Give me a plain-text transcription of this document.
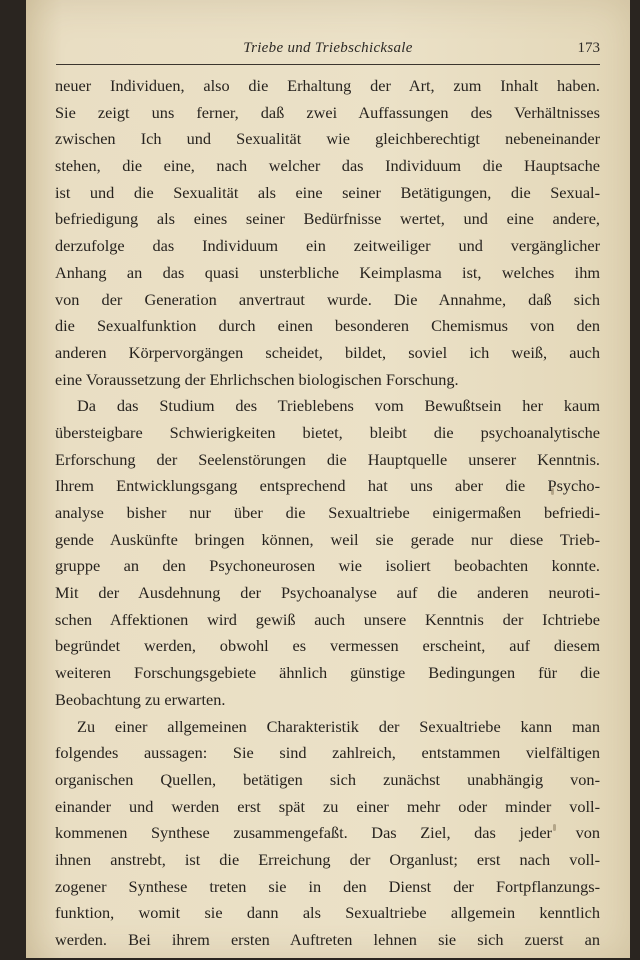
Triebe und Triebschicksale	173
neuer Individuen, also die Erhaltung der Art, zum Inhalt haben.
Sie zeigt uns ferner, daß zwei Auffassungen des Verhältnisses
zwischen Ich und Sexualität wie gleichberechtigt nebeneinander
stehen, die eine, nach welcher das Individuum die Hauptsache
ist und die Sexualität als eine seiner Betätigungen, die Sexual-
befriedigung als eines seiner Bedürfnisse wertet, und eine andere,
derzufolge das Individuum ein zeitweiliger und vergänglicher
Anhang an das quasi unsterbliche Keimplasma ist, welches ihm
von der Generation anvertraut wurde. Die Annahme, daß sich
die Sexualfunktion durch einen besonderen Chemismus von den
anderen Körpervorgängen scheidet, bildet, soviel ich weiß, auch
eine Voraussetzung der Ehrlichschen biologischen Forschung.
Da das Studium des Trieblebens vom Bewußtsein her kaum
übersteigbare Schwierigkeiten bietet, bleibt die psychoanalytische
Erforschung der Seelenstörungen die Hauptquelle unserer Kenntnis.
Ihrem Entwicklungsgang entsprechend hat uns aber die Psycho-
analyse bisher nur über die Sexualtriebe einigermaßen befriedi-
gende Auskünfte bringen können, weil sie gerade nur diese Trieb-
gruppe an den Psychoneurosen wie isoliert beobachten konnte.
Mit der Ausdehnung der Psychoanalyse auf die anderen neuroti-
schen Affektionen wird gewiß auch unsere Kenntnis der Ichtriebe
begründet werden, obwohl es vermessen erscheint, auf diesem
weiteren Forschungsgebiete ähnlich günstige Bedingungen für die
Beobachtung zu erwarten.
Zu einer allgemeinen Charakteristik der Sexualtriebe kann man
folgendes aussagen: Sie sind zahlreich, entstammen vielfältigen
organischen Quellen, betätigen sich zunächst unabhängig von-
einander und werden erst spät zu einer mehr oder minder voll-
kommenen Synthese zusammengefaßt. Das Ziel, das jeder von
ihnen anstrebt, ist die Erreichung der Organlust; erst nach voll-
zogener Synthese treten sie in den Dienst der Fortpflanzungs-
funktion, womit sie dann als Sexualtriebe allgemein kenntlich
werden. Bei ihrem ersten Auftreten lehnen sie sich zuerst an
